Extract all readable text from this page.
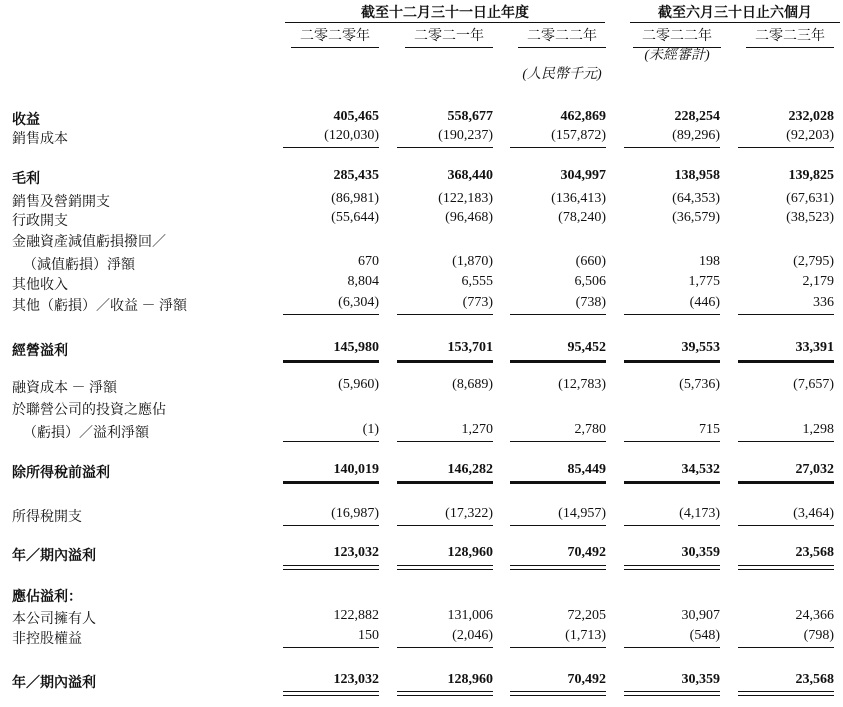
截至十二月三十一日止年度	截至六月三十日止六個月
二零二零年	二零二一年	二零二二年	二零二二年	二零二三年
(未經審計)
(人民幣千元)
收益	405,465	558,677	462,869	228,254	232,028
銷售成本	(120,030)	(190,237)	(157,872)	(89,296)	(92,203)
毛利	285,435	368,440	304,997	138,958	139,825
銷售及營銷開支	(86,981)	(122,183)	(136,413)	(64,353)	(67,631)
行政開支	(55,644)	(96,468)	(78,240)	(36,579)	(38,523)
金融資產減值虧損撥回／
（減值虧損）淨額	670	(1,870)	(660)	198	(2,795)
其他收入	8,804	6,555	6,506	1,775	2,179
其他（虧損）／收益 － 淨額	(6,304)	(773)	(738)	(446)	336
經營溢利	145,980	153,701	95,452	39,553	33,391
融資成本 － 淨額	(5,960)	(8,689)	(12,783)	(5,736)	(7,657)
於聯營公司的投資之應佔
（虧損）／溢利淨額	(1)	1,270	2,780	715	1,298
除所得稅前溢利	140,019	146,282	85,449	34,532	27,032
所得稅開支	(16,987)	(17,322)	(14,957)	(4,173)	(3,464)
年／期內溢利	123,032	128,960	70,492	30,359	23,568
應佔溢利：
本公司擁有人	122,882	131,006	72,205	30,907	24,366
非控股權益	150	(2,046)	(1,713)	(548)	(798)
年／期內溢利	123,032	128,960	70,492	30,359	23,568
